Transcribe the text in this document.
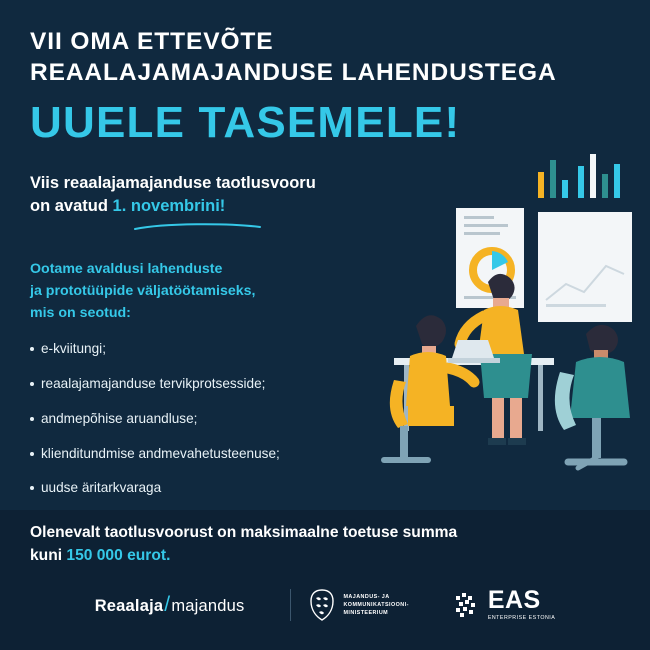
VII OMA ETTEVÕTE
REAALAJAMAJANDUSE LAHENDUSTEGA
UUELE TASEMELE!
Viis reaalajamajanduse taotlusvooru
on avatud 1. novembrini!
Ootame avaldusi lahenduste
ja prototüüpide väljatöötamiseks,
mis on seotud:
e-kviitungi;
reaalajamajanduse tervikprotsesside;
andmepõhise aruandluse;
klienditundmise andmevahetusteenuse;
uudse äritarkvaraga
Olenevalt taotlusvoorust on maksimaalne toetuse summa
kuni 150 000 eurot.
Reaalaja / majandus
MAJANDUS- JA
KOMMUNIKATSIOONI-
MINISTEERIUM	EAS
ENTERPRISE ESTONIA
